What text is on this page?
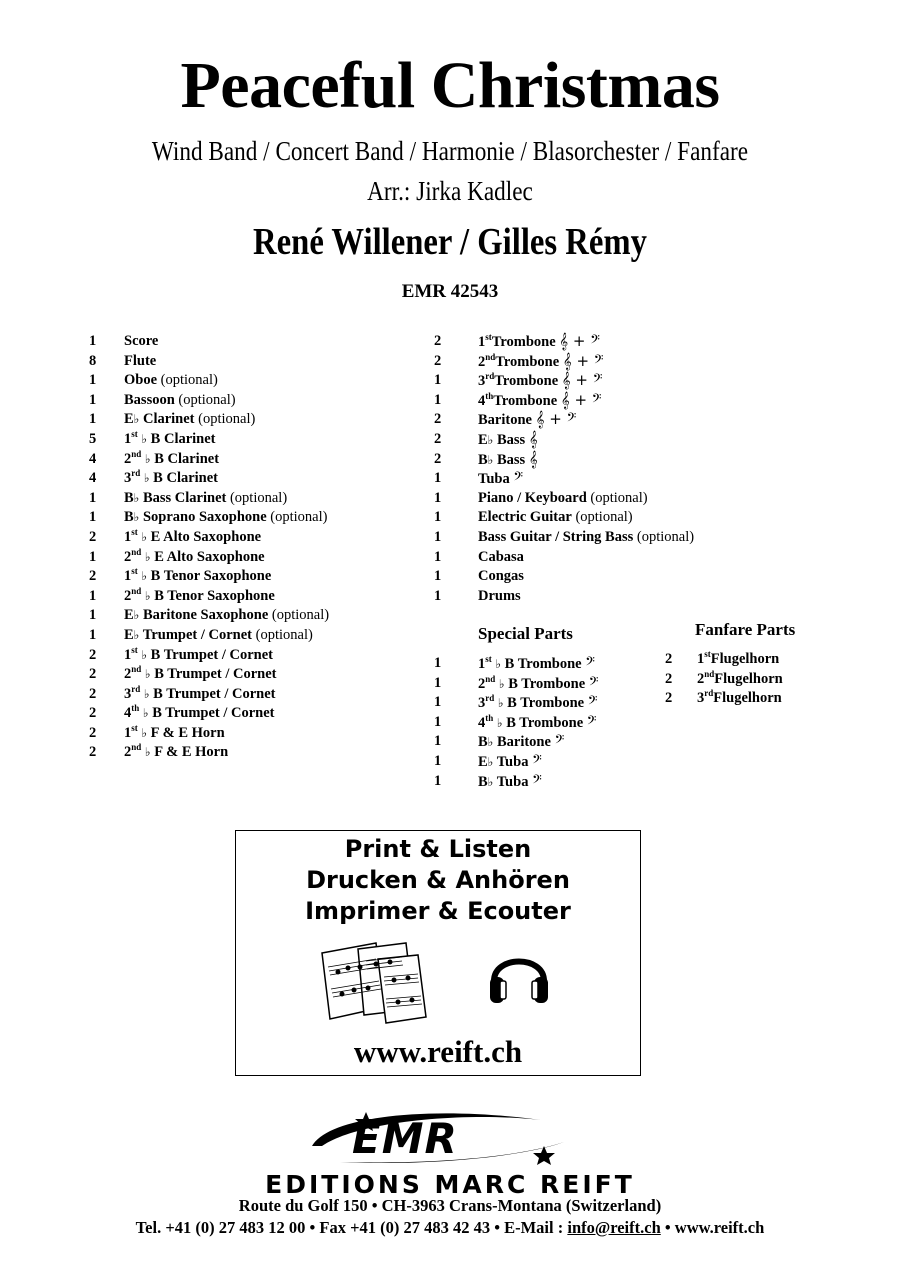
Peaceful Christmas
Wind Band / Concert Band / Harmonie / Blasorchester / Fanfare
Arr.: Jirka Kadlec
René Willener / Gilles Rémy
EMR 42543
1 Score
8 Flute
1 Oboe (optional)
1 Bassoon (optional)
1 E♭ Clarinet (optional)
5 1st ♭ B Clarinet
4 2nd ♭ B Clarinet
4 3rd ♭ B Clarinet
1 B♭ Bass Clarinet (optional)
1 B♭ Soprano Saxophone (optional)
2 1st ♭ E Alto Saxophone
1 2nd ♭ E Alto Saxophone
2 1st ♭ B Tenor Saxophone
1 2nd ♭ B Tenor Saxophone
1 E♭ Baritone Saxophone (optional)
1 E♭ Trumpet / Cornet (optional)
2 1st ♭ B Trumpet / Cornet
2 2nd ♭ B Trumpet / Cornet
2 3rd ♭ B Trumpet / Cornet
2 4th ♭ B Trumpet / Cornet
2 1st ♭ F & E Horn
2 2nd ♭ F & E Horn
2	1stTrombone 𝄞 + 𝄢
2	2ndTrombone 𝄞 + 𝄢
1	3rdTrombone 𝄞 + 𝄢
1	4thTrombone 𝄞 + 𝄢
2	Baritone 𝄞 + 𝄢
2	E♭ Bass 𝄞
2	B♭ Bass 𝄞
1	Tuba 𝄢
1	Piano / Keyboard (optional)
1	Electric Guitar (optional)
1	Bass Guitar / String Bass (optional)
1	Cabasa
1	Congas
1	Drums
Special Parts
1	1st ♭ B Trombone 𝄢
1	2nd ♭ B Trombone 𝄢
1	3rd ♭ B Trombone 𝄢
1	4th ♭ B Trombone 𝄢
1	B♭ Baritone 𝄢
1	E♭ Tuba 𝄢
1	B♭ Tuba 𝄢
Fanfare Parts
2 1stFlugelhorn
2 2ndFlugelhorn
2 3rdFlugelhorn
Print & Listen
Drucken & Anhören
Imprimer & Ecouter
www.reift.ch
EMR
EDITIONS MARC REIFT
Route du Golf 150 • CH-3963 Crans-Montana (Switzerland)
Tel. +41 (0) 27 483 12 00 • Fax +41 (0) 27 483 42 43 • E-Mail : info@reift.ch • www.reift.ch
